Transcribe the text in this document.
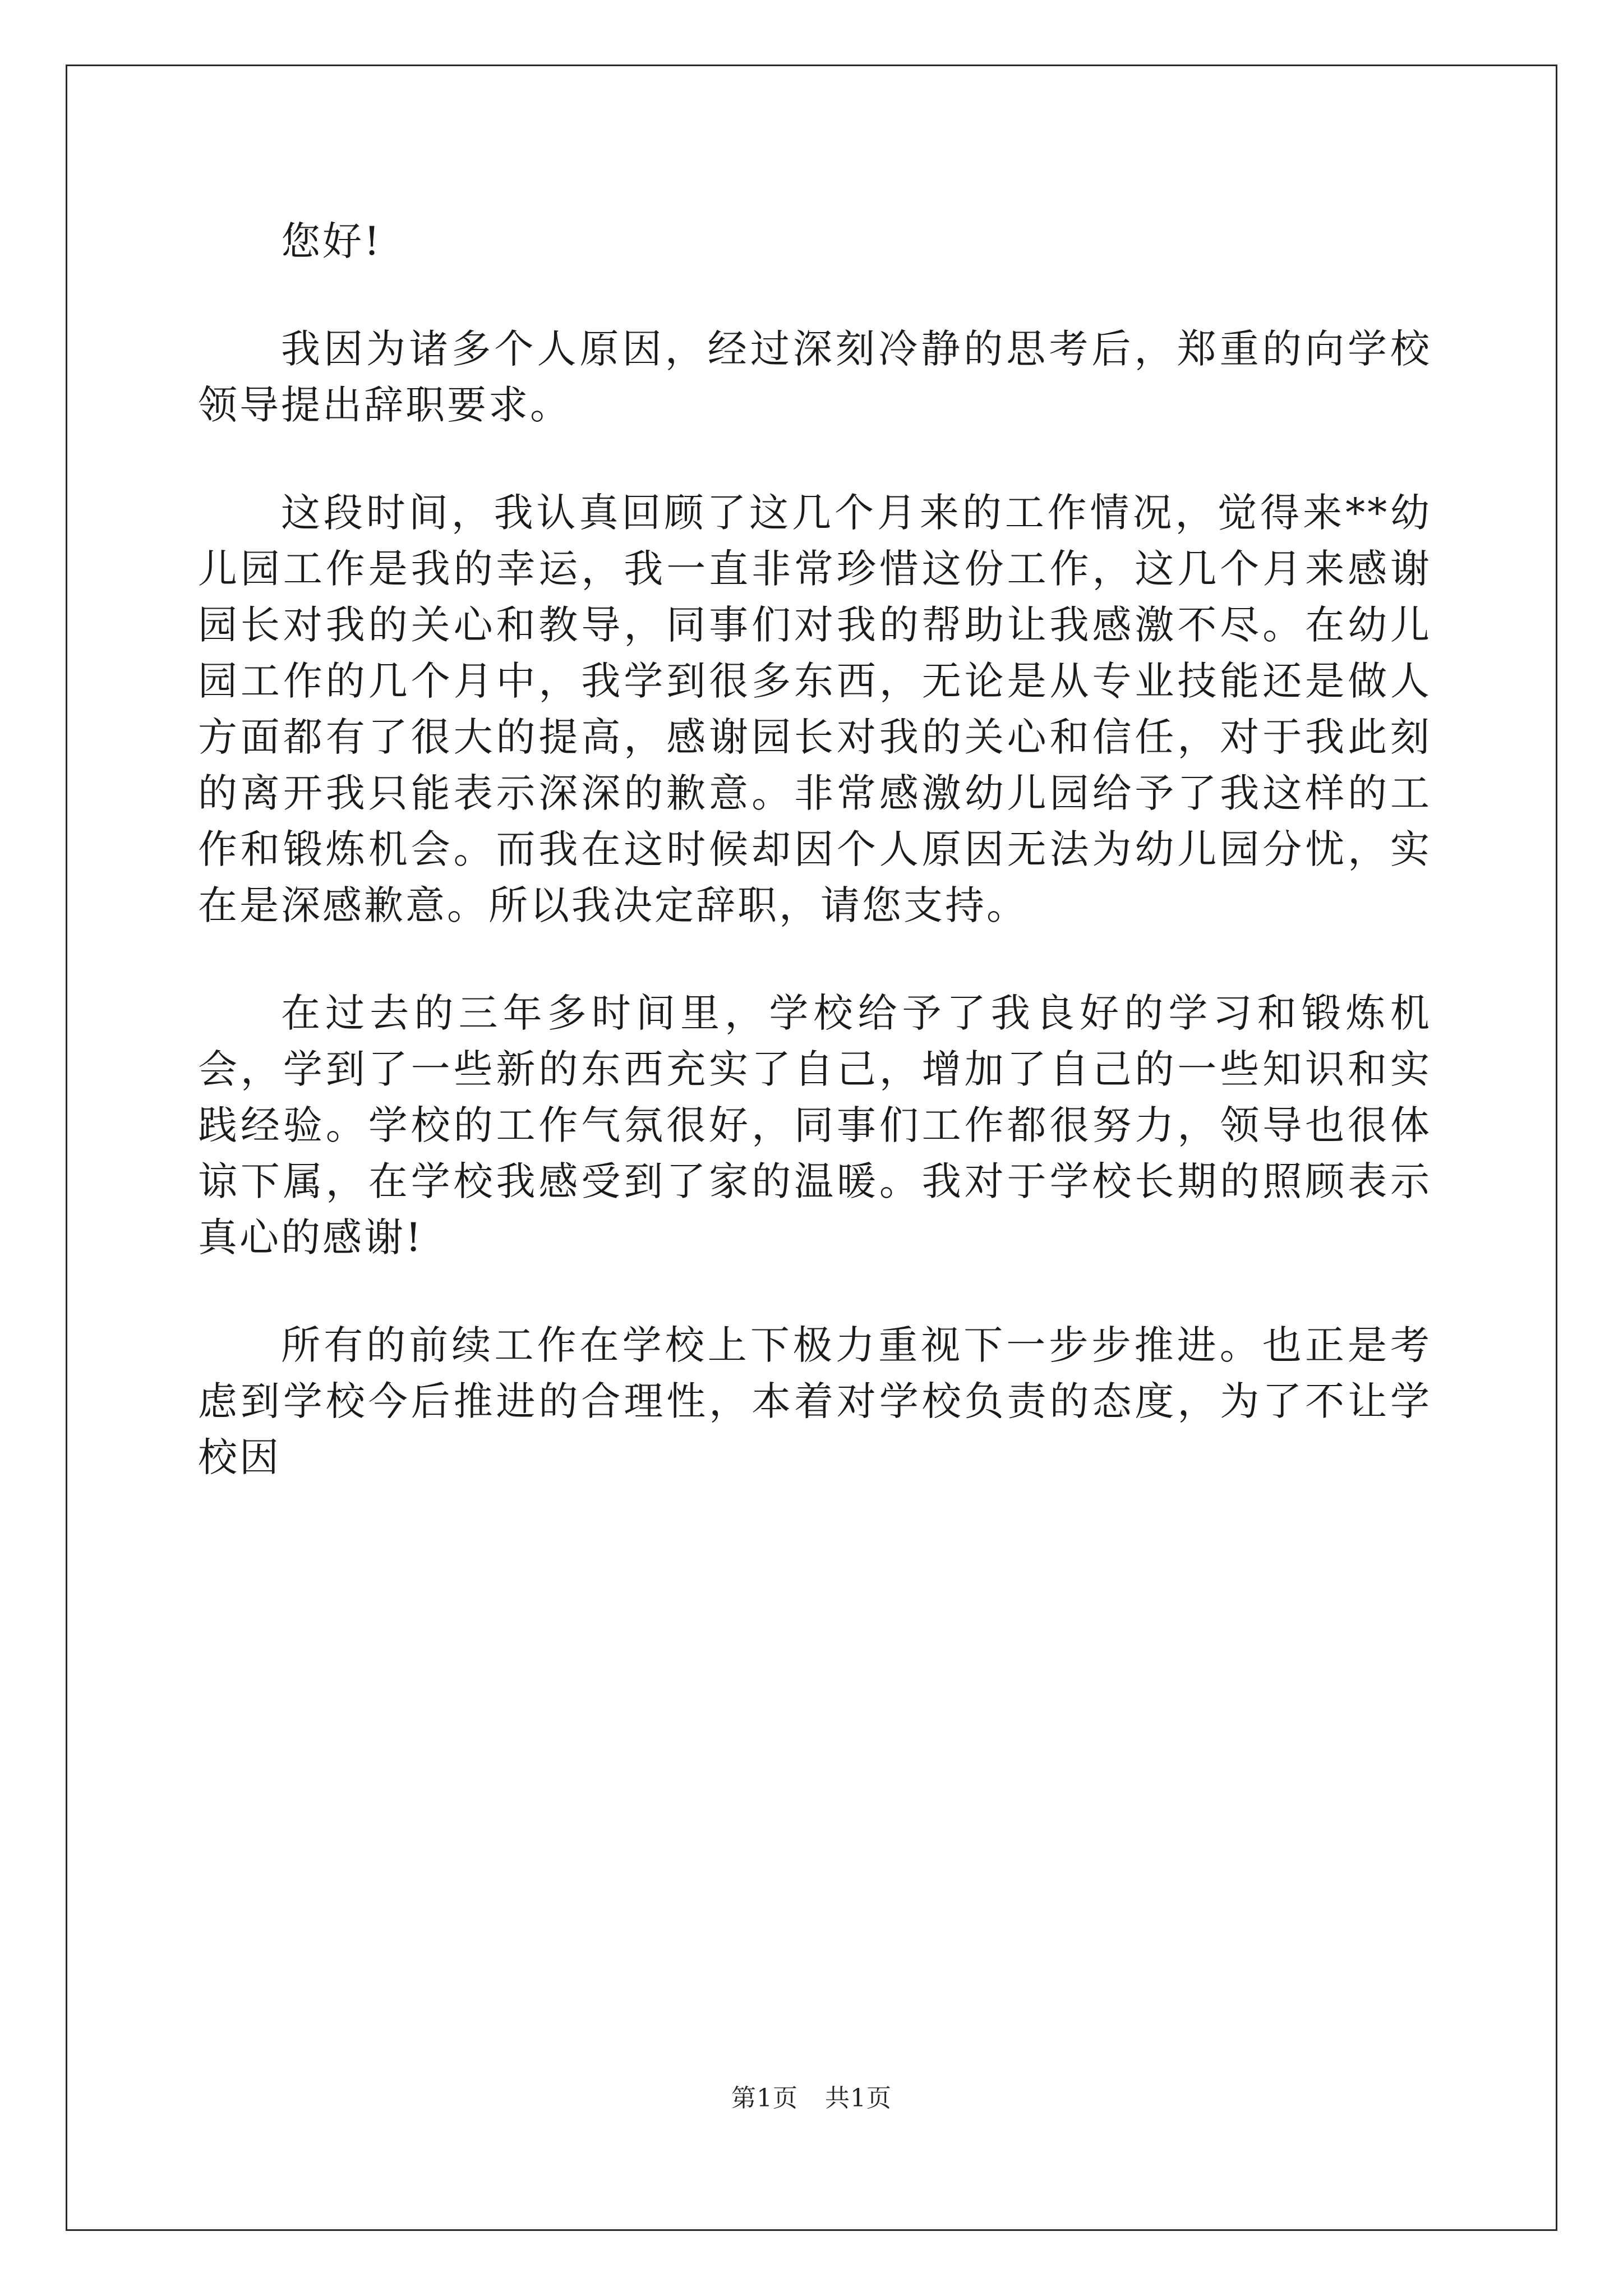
您好!

我因为诸多个人原因，经过深刻冷静的思考后，郑重的向学校领导提出辞职要求。

这段时间，我认真回顾了这几个月来的工作情况，觉得来**幼儿园工作是我的幸运，我一直非常珍惜这份工作，这几个月来感谢园长对我的关心和教导，同事们对我的帮助让我感激不尽。在幼儿园工作的几个月中，我学到很多东西，无论是从专业技能还是做人方面都有了很大的提高，感谢园长对我的关心和信任，对于我此刻的离开我只能表示深深的歉意。非常感激幼儿园给予了我这样的工作和锻炼机会。而我在这时候却因个人原因无法为幼儿园分忧，实在是深感歉意。所以我决定辞职，请您支持。

在过去的三年多时间里，学校给予了我良好的学习和锻炼机会，学到了一些新的东西充实了自己，增加了自己的一些知识和实践经验。学校的工作气氛很好，同事们工作都很努力，领导也很体谅下属，在学校我感受到了家的温暖。我对于学校长期的照顾表示真心的感谢!

所有的前续工作在学校上下极力重视下一步步推进。也正是考虑到学校今后推进的合理性，本着对学校负责的态度，为了不让学校因

第1页 共1页
